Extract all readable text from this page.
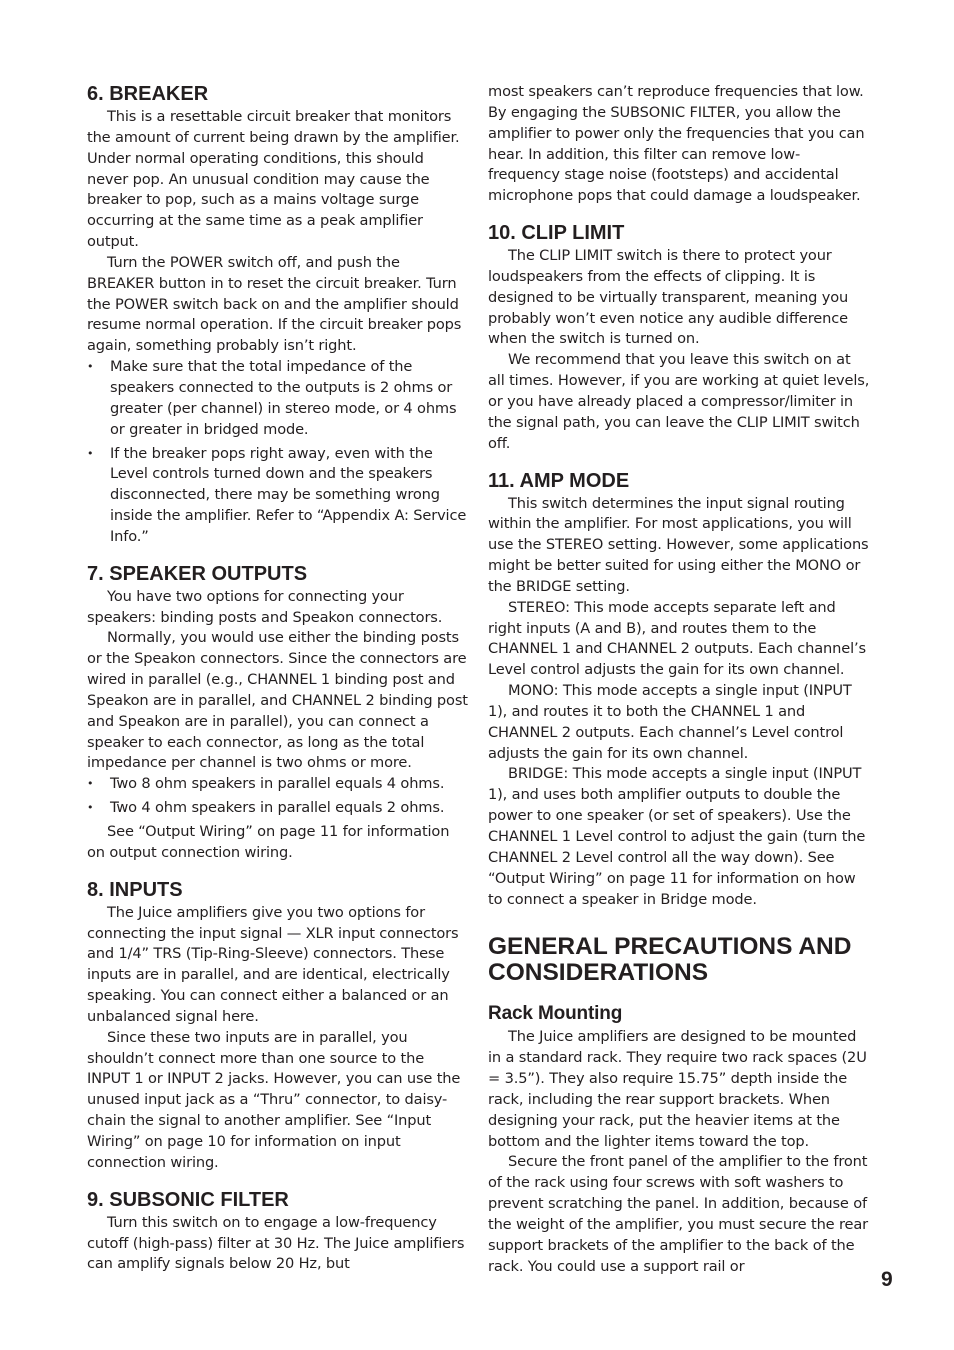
6. BREAKER

This is a resettable circuit breaker that monitors the amount of current being drawn by the amplifier. Under normal operating conditions, this should never pop. An unusual condition may cause the breaker to pop, such as a mains voltage surge occurring at the same time as a peak amplifier output.

Turn the POWER switch off, and push the BREAKER button in to reset the circuit breaker. Turn the POWER switch back on and the amplifier should resume normal operation. If the circuit breaker pops again, something probably isn’t right.

• Make sure that the total impedance of the speakers connected to the outputs is 2 ohms or greater (per channel) in stereo mode, or 4 ohms or greater in bridged mode.
• If the breaker pops right away, even with the Level controls turned down and the speakers disconnected, there may be something wrong inside the amplifier. Refer to “Appendix A: Service Info.”
7. SPEAKER OUTPUTS

You have two options for connecting your speakers: binding posts and Speakon connectors.

Normally, you would use either the binding posts or the Speakon connectors. Since the connectors are wired in parallel (e.g., CHANNEL 1 binding post and Speakon are in parallel, and CHANNEL 2 binding post and Speakon are in parallel), you can connect a speaker to each connector, as long as the total impedance per channel is two ohms or more.

• Two 8 ohm speakers in parallel equals 4 ohms.
• Two 4 ohm speakers in parallel equals 2 ohms.

See “Output Wiring” on page 11 for information on output connection wiring.

8. INPUTS

The Juice amplifiers give you two options for connecting the input signal — XLR input connectors and 1/4” TRS (Tip-Ring-Sleeve) connectors. These inputs are in parallel, and are identical, electrically speaking. You can connect either a balanced or an unbalanced signal here.

Since these two inputs are in parallel, you shouldn’t connect more than one source to the INPUT 1 or INPUT 2 jacks. However, you can use the unused input jack as a “Thru” connector, to daisy-chain the signal to another amplifier. See “Input Wiring” on page 10 for information on input connection wiring.

9. SUBSONIC FILTER

Turn this switch on to engage a low-frequency cutoff (high-pass) filter at 30 Hz. The Juice amplifiers can amplify signals below 20 Hz, but

most speakers can’t reproduce frequencies that low. By engaging the SUBSONIC FILTER, you allow the amplifier to power only the frequencies that you can hear. In addition, this filter can remove low-frequency stage noise (footsteps) and accidental microphone pops that could damage a loudspeaker.

10. CLIP LIMIT

The CLIP LIMIT switch is there to protect your loudspeakers from the effects of clipping. It is designed to be virtually transparent, meaning you probably won’t even notice any audible difference when the switch is turned on.

We recommend that you leave this switch on at all times. However, if you are working at quiet levels, or you have already placed a compressor/limiter in the signal path, you can leave the CLIP LIMIT switch off.

11. AMP MODE

This switch determines the input signal routing within the amplifier. For most applications, you will use the STEREO setting. However, some applications might be better suited for using either the MONO or the BRIDGE setting.

STEREO: This mode accepts separate left and right inputs (A and B), and routes them to the CHANNEL 1 and CHANNEL 2 outputs. Each channel’s Level control adjusts the gain for its own channel.

MONO: This mode accepts a single input (INPUT 1), and routes it to both the CHANNEL 1 and CHANNEL 2 outputs. Each channel’s Level control adjusts the gain for its own channel.

BRIDGE: This mode accepts a single input (INPUT 1), and uses both amplifier outputs to double the power to one speaker (or set of speakers). Use the CHANNEL 1 Level control to adjust the gain (turn the CHANNEL 2 Level control all the way down). See “Output Wiring” on page 11 for information on how to connect a speaker in Bridge mode.

GENERAL PRECAUTIONS AND CONSIDERATIONS
Rack Mounting

The Juice amplifiers are designed to be mounted in a standard rack. They require two rack spaces (2U = 3.5”). They also require 15.75” depth inside the rack, including the rear support brackets. When designing your rack, put the heavier items at the bottom and the lighter items toward the top.

Secure the front panel of the amplifier to the front of the rack using four screws with soft washers to prevent scratching the panel. In addition, because of the weight of the amplifier, you must secure the rear support brackets of the amplifier to the back of the rack. You could use a support rail or

9
